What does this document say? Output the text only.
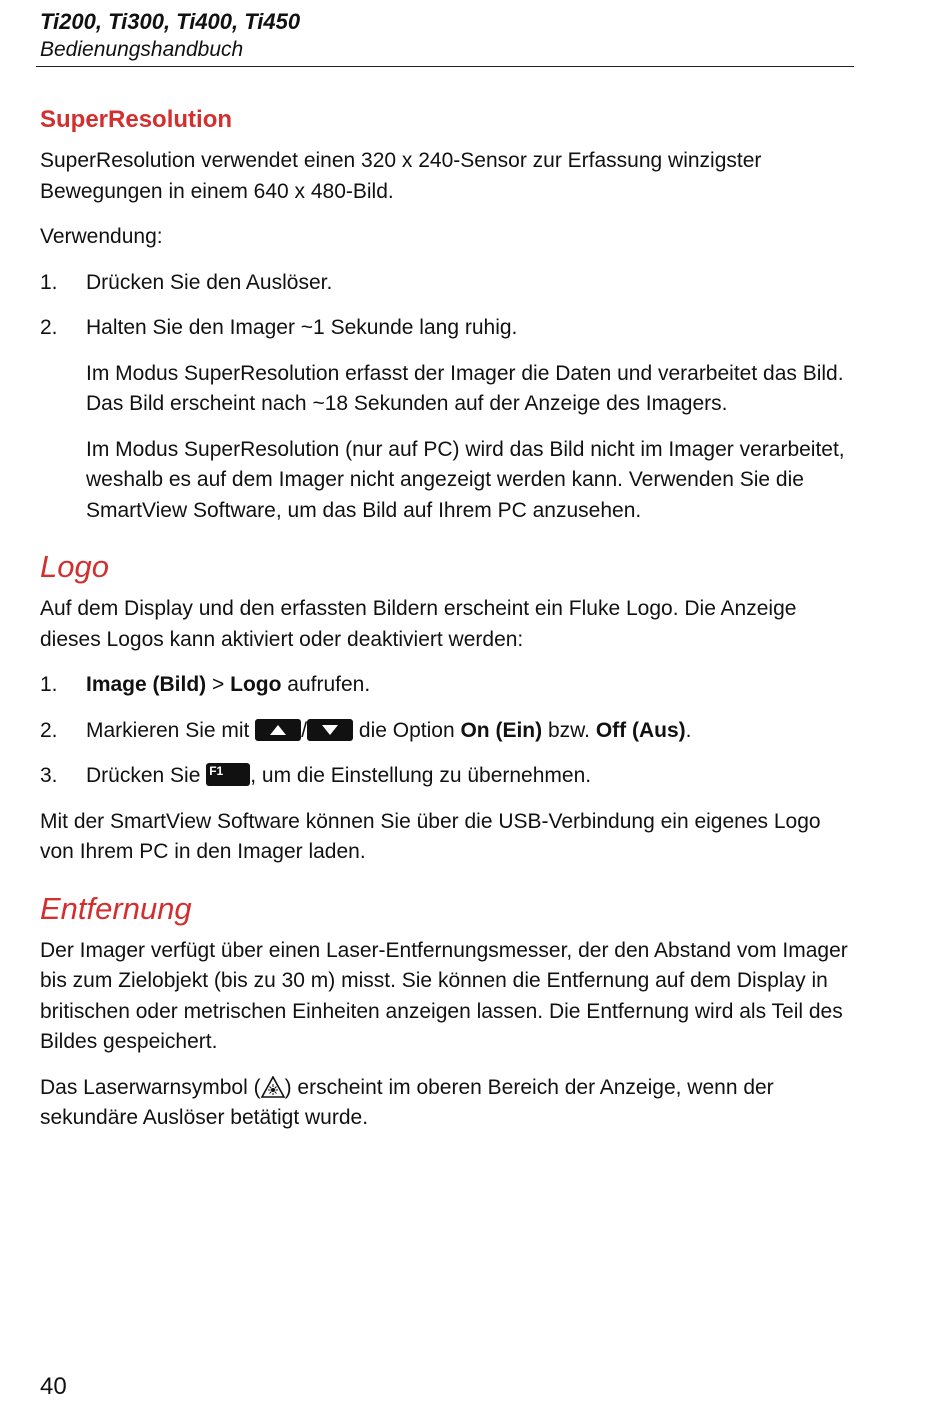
Ti200, Ti300, Ti400, Ti450
Bedienungshandbuch
SuperResolution

SuperResolution verwendet einen 320 x 240-Sensor zur Erfassung winzigster Bewegungen in einem 640 x 480-Bild.

Verwendung:

1. Drücken Sie den Auslöser.

2. Halten Sie den Imager ~1 Sekunde lang ruhig.

Im Modus SuperResolution erfasst der Imager die Daten und verarbeitet das Bild. Das Bild erscheint nach ~18 Sekunden auf der Anzeige des Imagers.

Im Modus SuperResolution (nur auf PC) wird das Bild nicht im Imager verarbeitet, weshalb es auf dem Imager nicht angezeigt werden kann. Verwenden Sie die SmartView Software, um das Bild auf Ihrem PC anzusehen.

Logo

Auf dem Display und den erfassten Bildern erscheint ein Fluke Logo. Die Anzeige dieses Logos kann aktiviert oder deaktiviert werden:

1. Image (Bild) > Logo aufrufen.

2. Markieren Sie mit
/
die Option On (Ein) bzw. Off (Aus).

3. Drücken Sie F1 , um die Einstellung zu übernehmen.

Mit der SmartView Software können Sie über die USB-Verbindung ein eigenes Logo von Ihrem PC in den Imager laden.

Entfernung

Der Imager verfügt über einen Laser-Entfernungsmesser, der den Abstand vom Imager bis zum Zielobjekt (bis zu 30 m) misst. Sie können die Entfernung auf dem Display in britischen oder metrischen Einheiten anzeigen lassen. Die Entfernung wird als Teil des Bildes gespeichert.

Das Laserwarnsymbol ( ) erscheint im oberen Bereich der Anzeige, wenn der sekundäre Auslöser betätigt wurde.

40
